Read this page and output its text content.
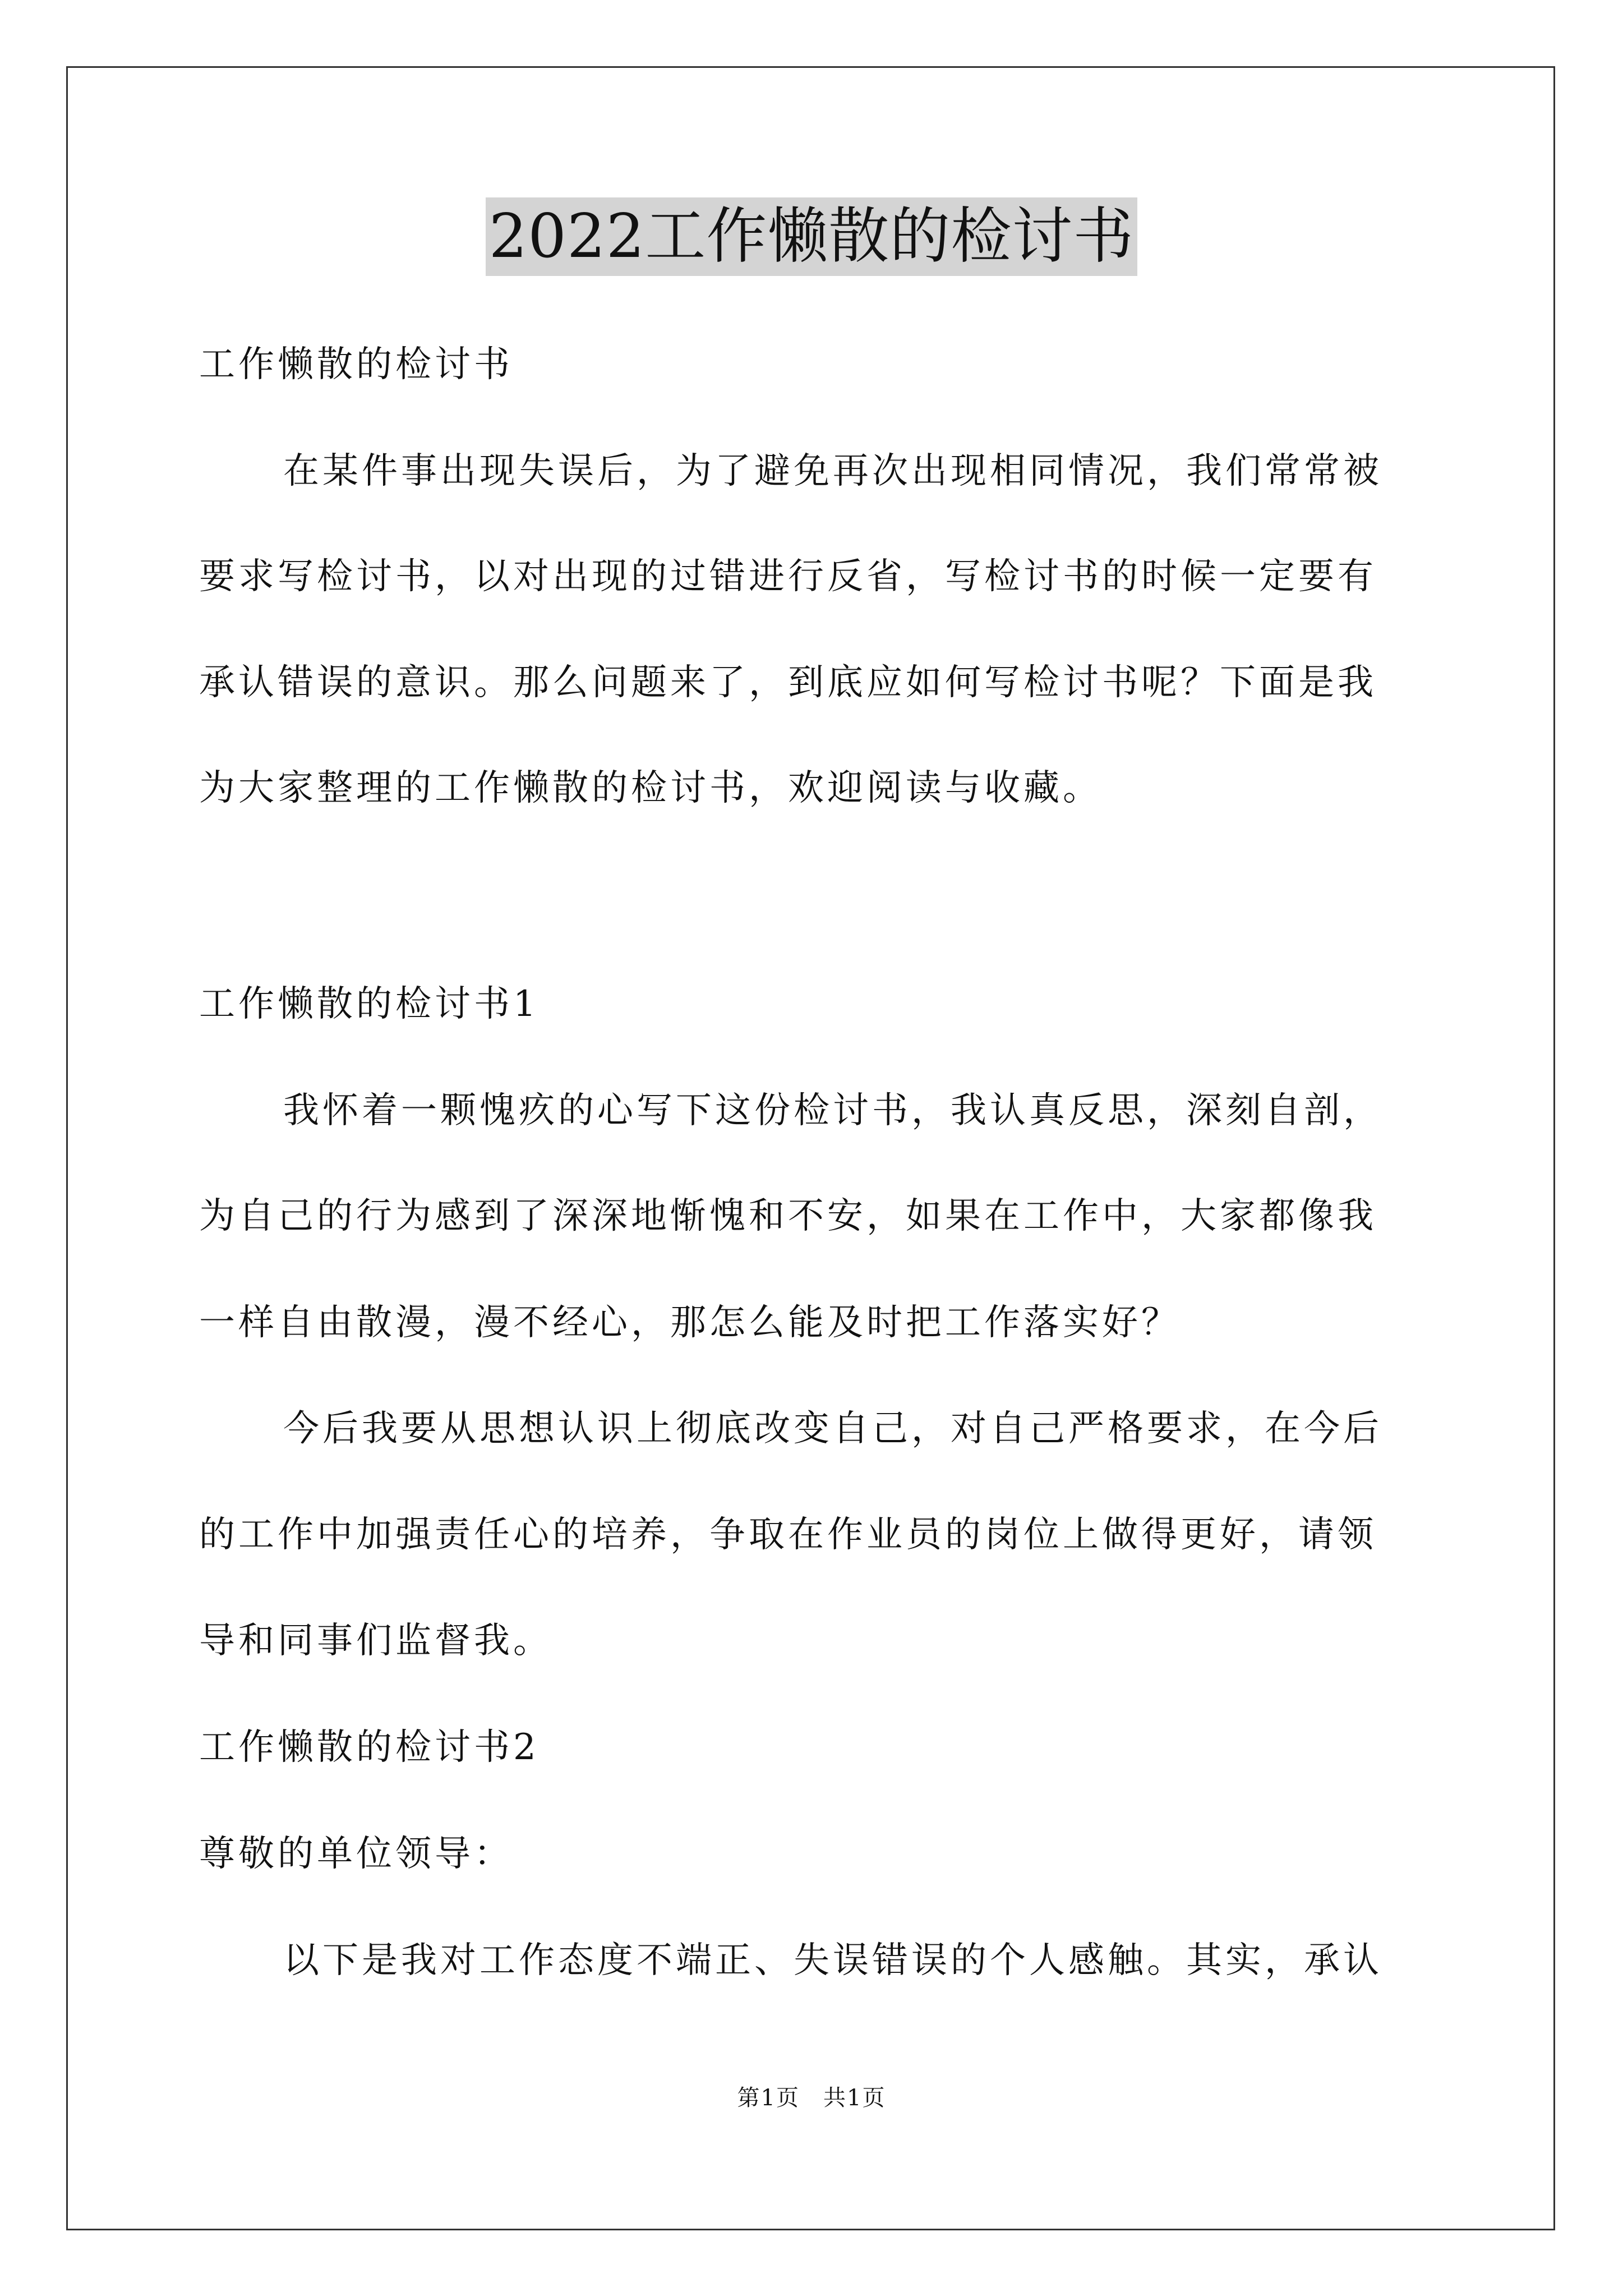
2022工作懒散的检讨书
工作懒散的检讨书
在某件事出现失误后，为了避免再次出现相同情况，我们常常被
要求写检讨书，以对出现的过错进行反省，写检讨书的时候一定要有
承认错误的意识。那么问题来了，到底应如何写检讨书呢？下面是我
为大家整理的工作懒散的检讨书，欢迎阅读与收藏。
工作懒散的检讨书1
我怀着一颗愧疚的心写下这份检讨书，我认真反思，深刻自剖，
为自己的行为感到了深深地惭愧和不安，如果在工作中，大家都像我
一样自由散漫，漫不经心，那怎么能及时把工作落实好？
今后我要从思想认识上彻底改变自己，对自己严格要求，在今后
的工作中加强责任心的培养，争取在作业员的岗位上做得更好，请领
导和同事们监督我。
工作懒散的检讨书2
尊敬的单位领导：
以下是我对工作态度不端正、失误错误的个人感触。其实，承认
第1页　共1页
